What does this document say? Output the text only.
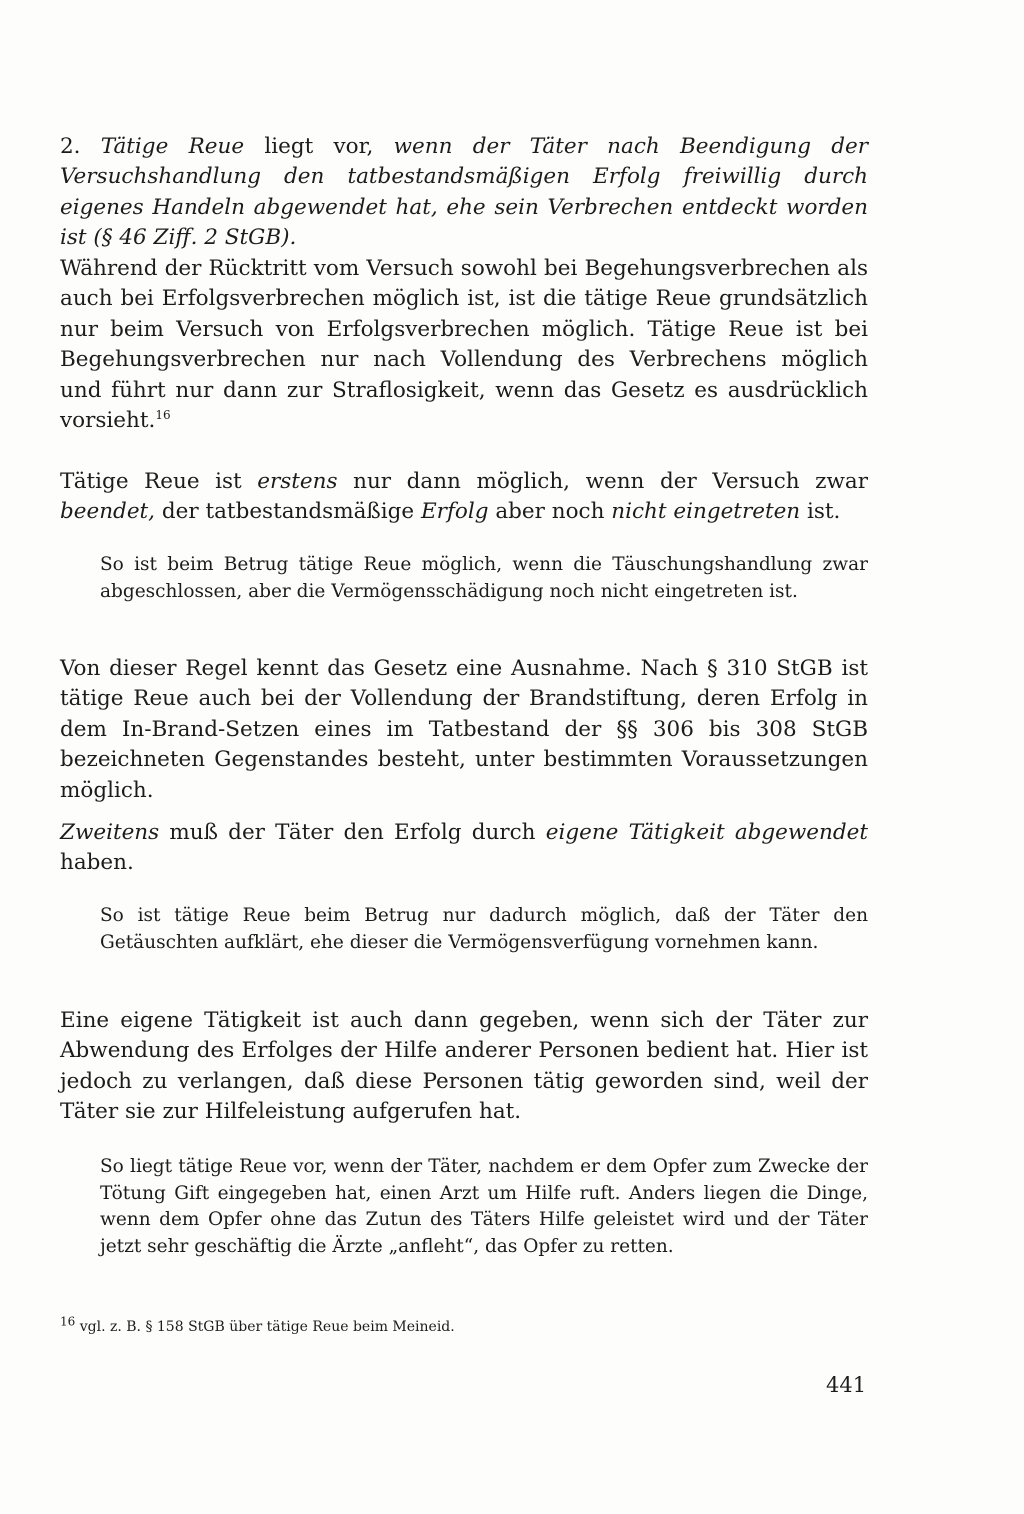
2. Tätige Reue liegt vor, wenn der Täter nach Beendigung der Versuchshandlung den tatbestandsmäßigen Erfolg freiwillig durch eigenes Handeln abgewendet hat, ehe sein Verbrechen entdeckt worden ist (§ 46 Ziff. 2 StGB).

Während der Rücktritt vom Versuch sowohl bei Begehungsverbrechen als auch bei Erfolgsverbrechen möglich ist, ist die tätige Reue grundsätzlich nur beim Versuch von Erfolgsverbrechen möglich. Tätige Reue ist bei Begehungsverbrechen nur nach Vollendung des Verbrechens möglich und führt nur dann zur Straflosigkeit, wenn das Gesetz es ausdrücklich vorsieht.$^{16}$

Tätige Reue ist erstens nur dann möglich, wenn der Versuch zwar beendet, der tatbestandsmäßige Erfolg aber noch nicht eingetreten ist.

So ist beim Betrug tätige Reue möglich, wenn die Täuschungshandlung zwar abgeschlossen, aber die Vermögensschädigung noch nicht eingetreten ist.

Von dieser Regel kennt das Gesetz eine Ausnahme. Nach § 310 StGB ist tätige Reue auch bei der Vollendung der Brandstiftung, deren Erfolg in dem In-Brand-Setzen eines im Tatbestand der §§ 306 bis 308 StGB bezeichneten Gegenstandes besteht, unter bestimmten Voraussetzungen möglich.

Zweitens muß der Täter den Erfolg durch eigene Tätigkeit abgewendet haben.

So ist tätige Reue beim Betrug nur dadurch möglich, daß der Täter den Getäuschten aufklärt, ehe dieser die Vermögensverfügung vornehmen kann.

Eine eigene Tätigkeit ist auch dann gegeben, wenn sich der Täter zur Abwendung des Erfolges der Hilfe anderer Personen bedient hat. Hier ist jedoch zu verlangen, daß diese Personen tätig geworden sind, weil der Täter sie zur Hilfeleistung aufgerufen hat.

So liegt tätige Reue vor, wenn der Täter, nachdem er dem Opfer zum Zwecke der Tötung Gift eingegeben hat, einen Arzt um Hilfe ruft. Anders liegen die Dinge, wenn dem Opfer ohne das Zutun des Täters Hilfe geleistet wird und der Täter jetzt sehr geschäftig die Ärzte „anfleht“, das Opfer zu retten.

16 vgl. z. B. § 158 StGB über tätige Reue beim Meineid.

441
